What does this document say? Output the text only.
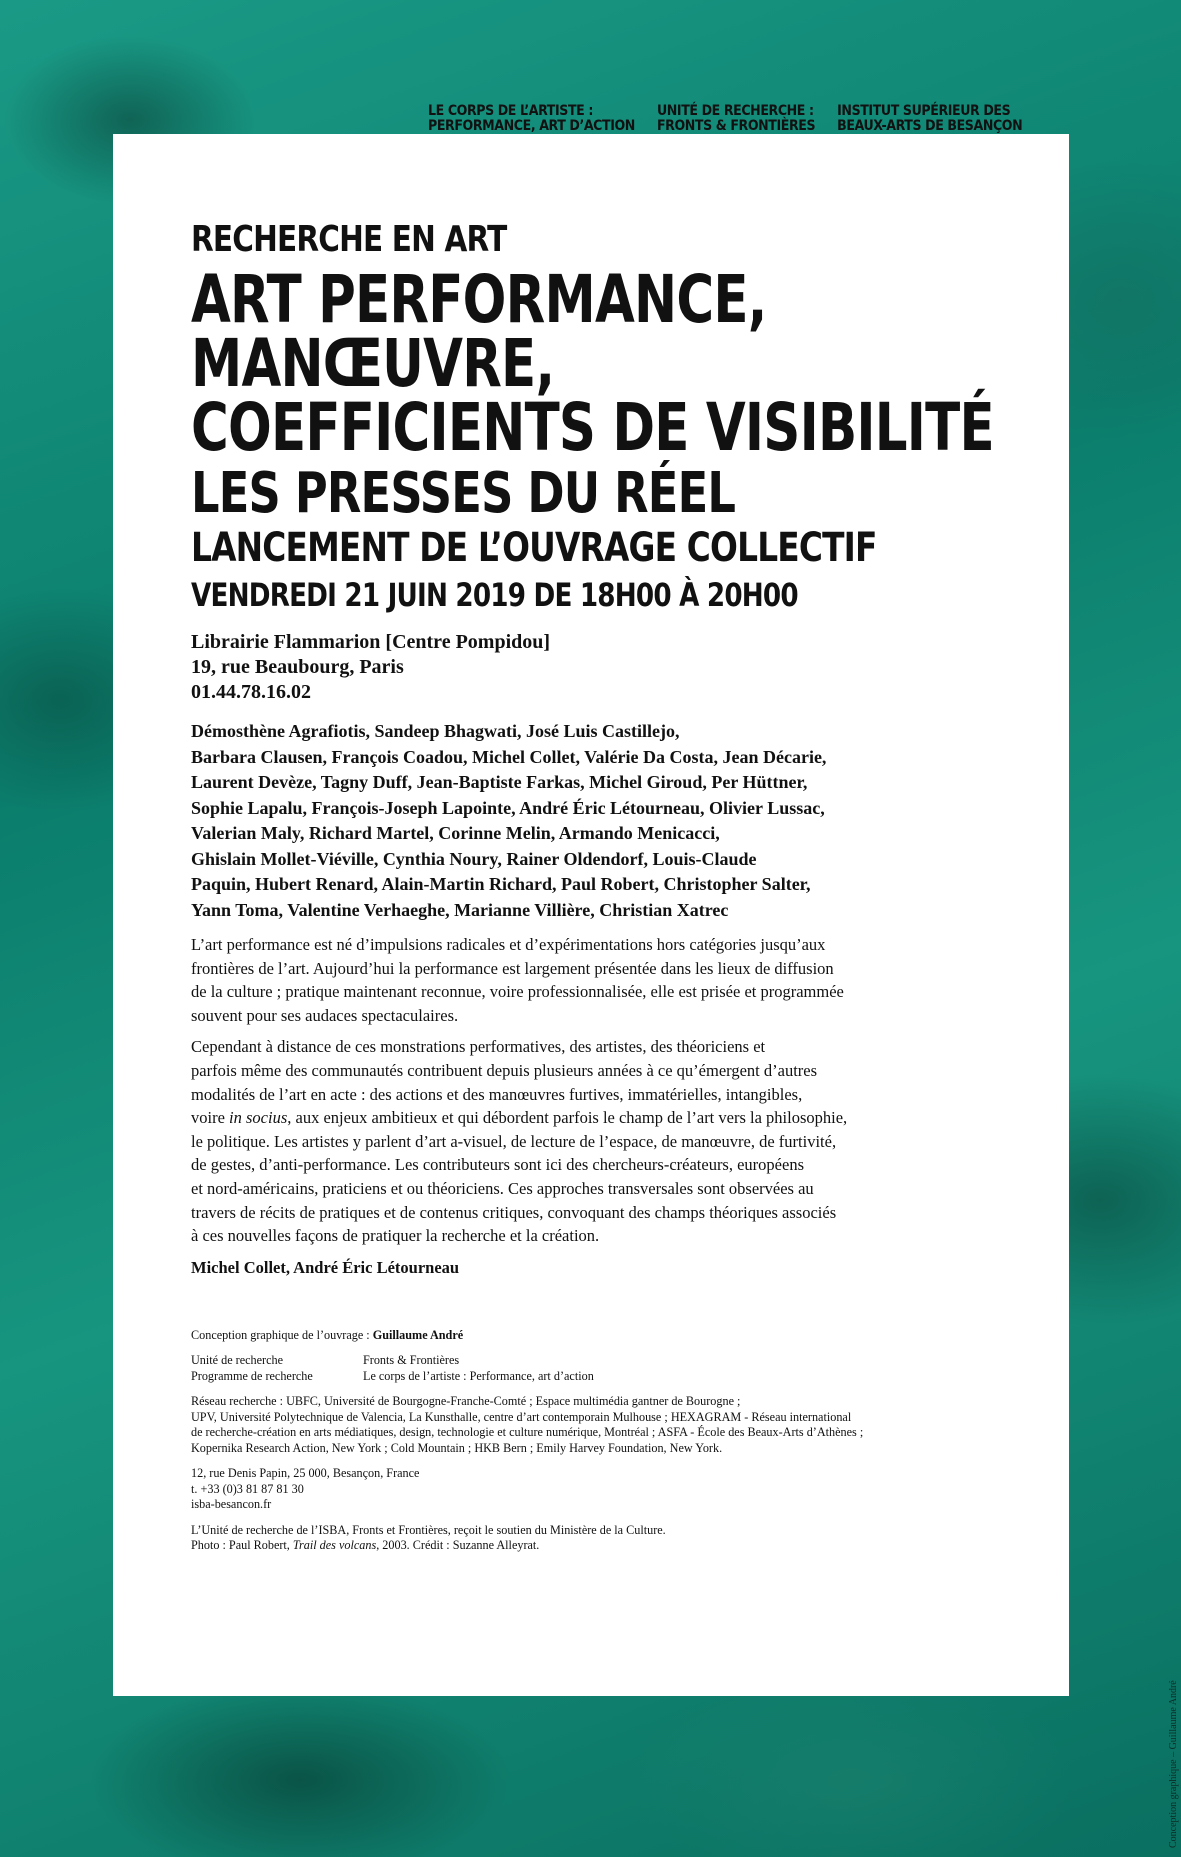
LE CORPS DE L’ARTISTE :
PERFORMANCE, ART D’ACTION
UNITÉ DE RECHERCHE :
FRONTS & FRONTIÈRES
INSTITUT SUPÉRIEUR DES
BEAUX-ARTS DE BESANÇON
RECHERCHE EN ART
ART PERFORMANCE,
MANŒUVRE,
COEFFICIENTS DE VISIBILITÉ
LES PRESSES DU RÉEL
LANCEMENT DE L’OUVRAGE COLLECTIF
VENDREDI 21 JUIN 2019 DE 18H00 À 20H00
Librairie Flammarion [Centre Pompidou]
19, rue Beaubourg, Paris
01.44.78.16.02
Démosthène Agrafiotis, Sandeep Bhagwati, José Luis Castillejo,
Barbara Clausen, François Coadou, Michel Collet, Valérie Da Costa, Jean Décarie,
Laurent Devèze, Tagny Duff, Jean-Baptiste Farkas, Michel Giroud, Per Hüttner,
Sophie Lapalu, François-Joseph Lapointe, André Éric Létourneau, Olivier Lussac,
Valerian Maly, Richard Martel, Corinne Melin, Armando Menicacci,
Ghislain Mollet-Viéville, Cynthia Noury, Rainer Oldendorf, Louis-Claude
Paquin, Hubert Renard, Alain-Martin Richard, Paul Robert, Christopher Salter,
Yann Toma, Valentine Verhaeghe, Marianne Villière, Christian Xatrec
L’art performance est né d’impulsions radicales et d’expérimentations hors catégories jusqu’aux
frontières de l’art. Aujourd’hui la performance est largement présentée dans les lieux de diffusion
de la culture ; pratique maintenant reconnue, voire professionnalisée, elle est prisée et programmée
souvent pour ses audaces spectaculaires.
Cependant à distance de ces monstrations performatives, des artistes, des théoriciens et
parfois même des communautés contribuent depuis plusieurs années à ce qu’émergent d’autres
modalités de l’art en acte : des actions et des manœuvres furtives, immatérielles, intangibles,
voire in socius, aux enjeux ambitieux et qui débordent parfois le champ de l’art vers la philosophie,
le politique. Les artistes y parlent d’art a-visuel, de lecture de l’espace, de manœuvre, de furtivité,
de gestes, d’anti-performance. Les contributeurs sont ici des chercheurs-créateurs, européens
et nord-américains, praticiens et ou théoriciens. Ces approches transversales sont observées au
travers de récits de pratiques et de contenus critiques, convoquant des champs théoriques associés
à ces nouvelles façons de pratiquer la recherche et la création.
Michel Collet, André Éric Létourneau
Conception graphique de l’ouvrage : Guillaume André
Unité de recherche	Fronts & Frontières
Programme de recherche	Le corps de l’artiste : Performance, art d’action
Réseau recherche : UBFC, Université de Bourgogne-Franche-Comté ; Espace multimédia gantner de Bourogne ;
UPV, Université Polytechnique de Valencia, La Kunsthalle, centre d’art contemporain Mulhouse ; HEXAGRAM - Réseau international
de recherche-création en arts médiatiques, design, technologie et culture numérique, Montréal ; ASFA - École des Beaux-Arts d’Athènes ;
Kopernika Research Action, New York ; Cold Mountain ; HKB Bern ; Emily Harvey Foundation, New York.
12, rue Denis Papin, 25 000, Besançon, France
t. +33 (0)3 81 87 81 30
isba-besancon.fr
L’Unité de recherche de l’ISBA, Fronts et Frontières, reçoit le soutien du Ministère de la Culture.
Photo : Paul Robert, Trail des volcans, 2003. Crédit : Suzanne Alleyrat.
Conception graphique – Guillaume André
